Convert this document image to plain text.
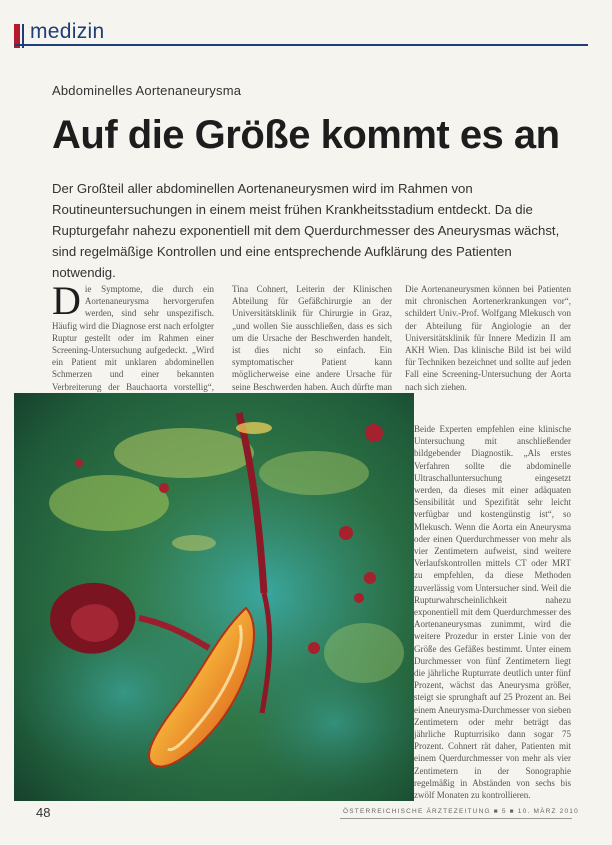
medizin
Abdominelles Aortenaneurysma
Auf die Größe kommt es an
Der Großteil aller abdominellen Aortenaneurysmen wird im Rahmen von Routineuntersuchungen in einem meist frühen Krankheitsstadium entdeckt. Da die Rupturgefahr nahezu exponentiell mit dem Querdurchmesser des Aneurysmas wächst, sind regelmäßige Kontrollen und eine entsprechende Aufklärung des Patienten notwendig.
D ie Symptome, die durch ein Aortenaneurysma hervorgerufen werden, sind sehr unspezifisch. Häufig wird die Diagnose erst nach erfolgter Ruptur gestellt oder im Rahmen einer Screening-Untersuchung aufgedeckt. „Wird ein Patient mit unklaren abdominellen Schmerzen und einer bekannten Verbreiterung der Bauchaorta vorstellig“,

Tina Cohnert, Leiterin der Klinischen Abteilung für Gefäßchirurgie an der Universitätsklinik für Chirurgie in Graz, „und wollen Sie ausschließen, dass es sich um die Ursache der Beschwerden handelt, ist dies nicht so einfach. Ein symptomatischer Patient kann möglicherweise eine andere Ursache für seine Beschwerden haben. Auch dürfte man

Die Aortenaneurysmen können bei Patienten mit chronischen Aortenerkrankungen vor“, schildert Univ.-Prof. Wolfgang Mlekusch von der Abteilung für Angiologie an der Universitätsklinik für Innere Medizin II am AKH Wien. Das klinische Bild ist bei wild für Techniken bezeichnet und sollte auf jeden Fall eine Screening-Untersuchung der Aorta nach sich ziehen.

Beide Experten empfehlen eine klinische Untersuchung mit anschließender bildgebender Diagnostik. „Als erstes Verfahren sollte die abdominelle Ultraschalluntersuchung eingesetzt werden, da dieses mit einer adäquaten Sensibilität und Spezifität sehr leicht verfügbar und kostengünstig ist“, so Mlekusch. Wenn die Aorta ein Aneurysma oder einen Querdurchmesser von mehr als vier Zentimetern aufweist, sind weitere Verlaufskontrollen mittels CT oder MRT zu empfehlen, da diese Methoden zuverlässig vom Untersucher sind. Weil die Rupturwahrscheinlichkeit nahezu exponentiell mit dem Querdurchmesser des Aortenaneurysmas zunimmt, wird die weitere Prozedur in erster Linie von der Größe des Gefäßes bestimmt. Unter einem Durchmesser von fünf Zentimetern liegt die jährliche Rupturrate deutlich unter fünf Prozent, wächst das Aneurysma größer, steigt sie sprunghaft auf 25 Prozent an. Bei einem Aneurysma-Durchmesser von sieben Zentimetern oder mehr beträgt das jährliche Rupturrisiko dann sogar 75 Prozent. Cohnert rät daher, Patienten mit einem Querdurchmesser von mehr als vier Zentimetern in der Sonographie regelmäßig in Abständen von sechs bis zwölf Monaten zu kontrollieren.

48	ÖSTERREICHISCHE ÄRZTEZEITUNG ■ 5 ■ 10. MÄRZ 2010
